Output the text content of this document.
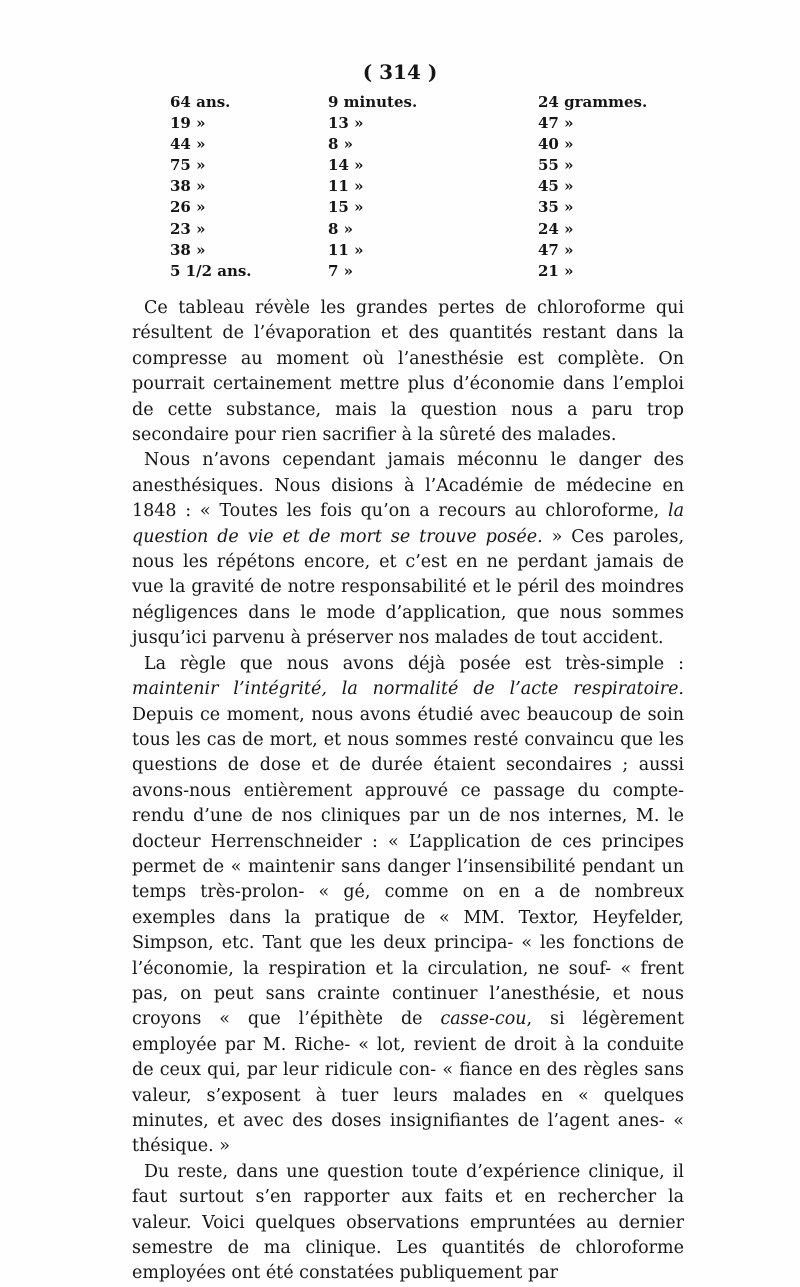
( 314 )
64 ans.	9 minutes.	24 grammes.
19 »	13 »	47 »
44 »	8 »	40 »
75 »	14 »	55 »
38 »	11 »	45 »
26 »	15 »	35 »
23 »	8 »	24 »
38 »	11 »	47 »
5 1/2 ans.	7 »	21 »

Ce tableau révèle les grandes pertes de chloroforme qui résultent de l’évaporation et des quantités restant dans la compresse au moment où l’anesthésie est complète. On pourrait certainement mettre plus d’économie dans l’emploi de cette substance, mais la question nous a paru trop secondaire pour rien sacrifier à la sûreté des malades.

Nous n’avons cependant jamais méconnu le danger des anesthésiques. Nous disions à l’Académie de médecine en 1848 : « Toutes les fois qu’on a recours au chloroforme, la question de vie et de mort se trouve posée. » Ces paroles, nous les répétons encore, et c’est en ne perdant jamais de vue la gravité de notre responsabilité et le péril des moindres négligences dans le mode d’application, que nous sommes jusqu’ici parvenu à préserver nos malades de tout accident.

La règle que nous avons déjà posée est très-simple : maintenir l’intégrité, la normalité de l’acte respiratoire. Depuis ce moment, nous avons étudié avec beaucoup de soin tous les cas de mort, et nous sommes resté convaincu que les questions de dose et de durée étaient secondaires ; aussi avons-nous entièrement approuvé ce passage du compte-rendu d’une de nos cliniques par un de nos internes, M. le docteur Herrenschneider : « L’application de ces principes permet de « maintenir sans danger l’insensibilité pendant un temps très-prolon- « gé, comme on en a de nombreux exemples dans la pratique de « MM. Textor, Heyfelder, Simpson, etc. Tant que les deux principa- « les fonctions de l’économie, la respiration et la circulation, ne souf- « frent pas, on peut sans crainte continuer l’anesthésie, et nous croyons « que l’épithète de casse-cou, si légèrement employée par M. Riche- « lot, revient de droit à la conduite de ceux qui, par leur ridicule con- « fiance en des règles sans valeur, s’exposent à tuer leurs malades en « quelques minutes, et avec des doses insignifiantes de l’agent anes- « thésique. »

Du reste, dans une question toute d’expérience clinique, il faut surtout s’en rapporter aux faits et en rechercher la valeur. Voici quelques observations empruntées au dernier semestre de ma clinique. Les quantités de chloroforme employées ont été constatées publiquement par
